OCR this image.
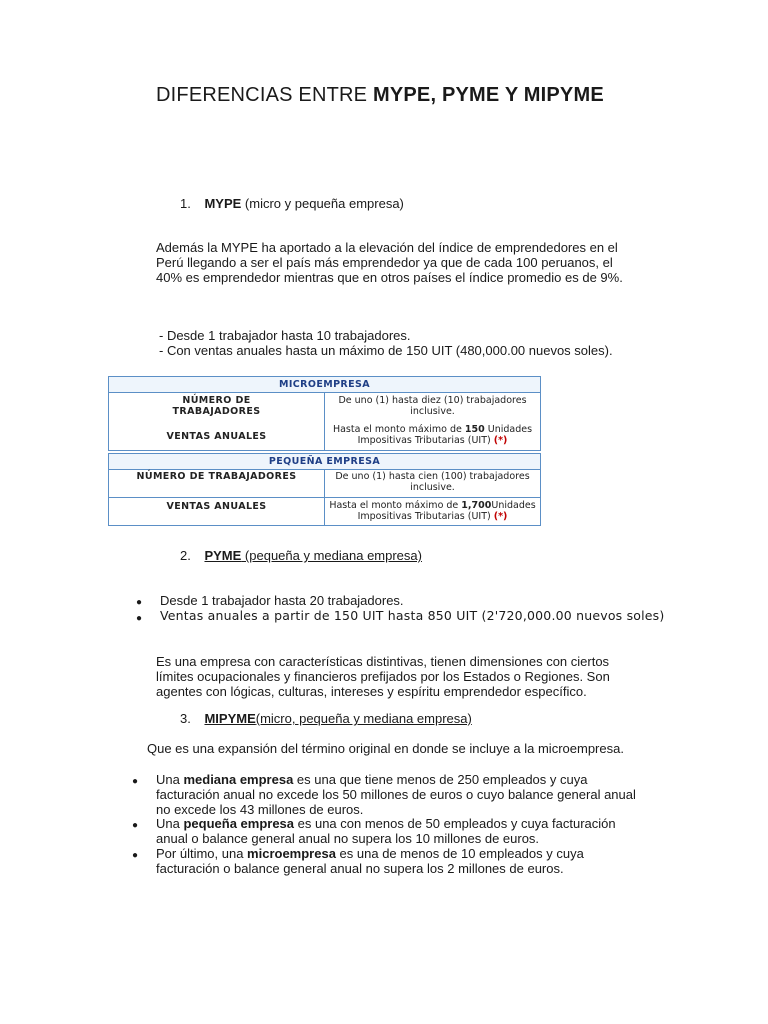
DIFERENCIAS ENTRE MYPE, PYME Y MIPYME
1. MYPE (micro y pequeña empresa)
Además la MYPE ha aportado a la elevación del índice de emprendedores en el
Perú llegando a ser el país más emprendedor ya que de cada 100 peruanos, el
40% es emprendedor mientras que en otros países el índice promedio es de 9%.
- Desde 1 trabajador hasta 10 trabajadores.
- Con ventas anuales hasta un máximo de 150 UIT (480,000.00 nuevos soles).
MICROEMPRESA
NÚMERO DE TRABAJADORES
VENTAS ANUALES
De uno (1) hasta diez (10) trabajadores inclusive.
Hasta el monto máximo de 150 Unidades Impositivas Tributarias (UIT) (*)
PEQUEÑA EMPRESA
NÚMERO DE TRABAJADORES	De uno (1) hasta cien (100) trabajadores inclusive.
VENTAS ANUALES	Hasta el monto máximo de 1,700Unidades Impositivas Tributarias (UIT) (*)
2. PYME (pequeña y mediana empresa)
● Desde 1 trabajador hasta 20 trabajadores.
● Ventas anuales a partir de 150 UIT hasta 850 UIT (2'720,000.00 nuevos soles)
Es una empresa con características distintivas, tienen dimensiones con ciertos
límites ocupacionales y financieros prefijados por los Estados o Regiones. Son
agentes con lógicas, culturas, intereses y espíritu emprendedor específico.
3. MIPYME(micro, pequeña y mediana empresa)
Que es una expansión del término original en donde se incluye a la microempresa.
● Una mediana empresa es una que tiene menos de 250 empleados y cuya
facturación anual no excede los 50 millones de euros o cuyo balance general anual
no excede los 43 millones de euros.
● Una pequeña empresa es una con menos de 50 empleados y cuya facturación
anual o balance general anual no supera los 10 millones de euros.
● Por último, una microempresa es una de menos de 10 empleados y cuya
facturación o balance general anual no supera los 2 millones de euros.
